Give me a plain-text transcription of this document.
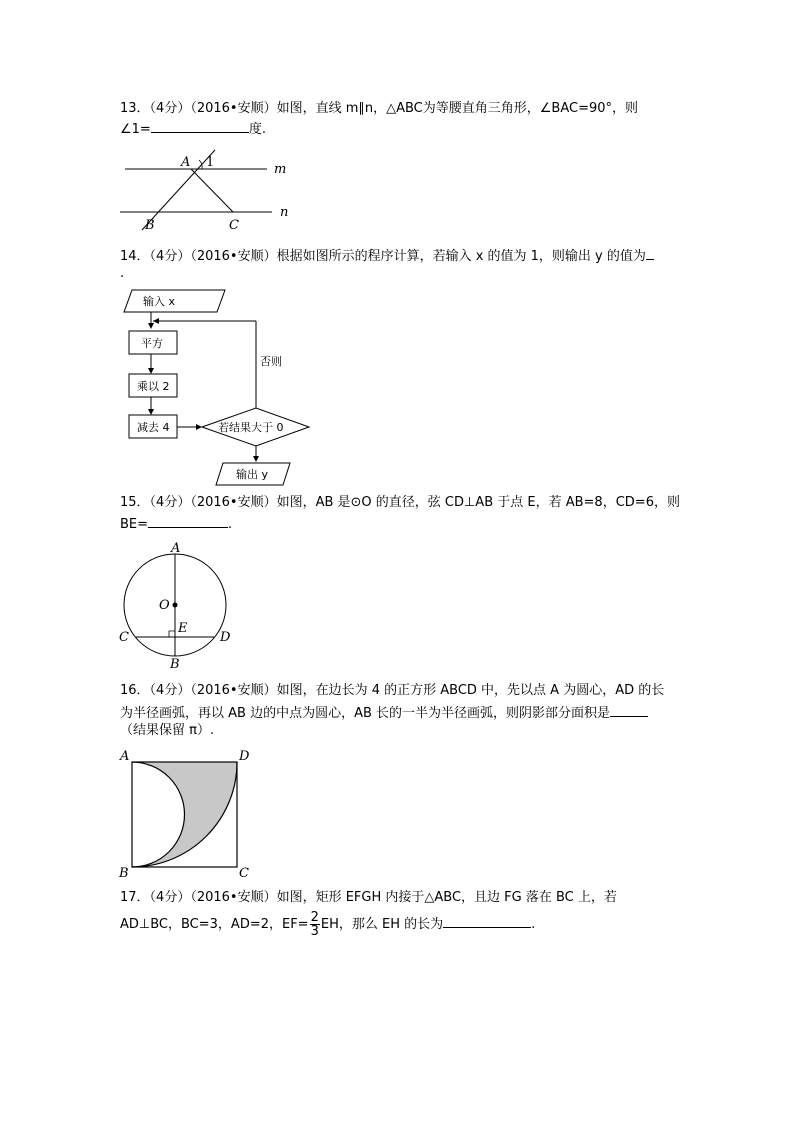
13．（4分）（2016•安顺）如图，直线 m∥n，△ABC为等腰直角三角形，∠BAC=90°，则
∠1=	度.
A 1	m
n
B	C
14．（4分）（2016•安顺）根据如图所示的程序计算，若输入 x 的值为 1，则输出 y 的值为
.
输入 x
平方
乘以 2
减去 4	若结果大于 0
否则
输出 y
15．（4分）（2016•安顺）如图，AB 是⊙O 的直径，弦 CD⊥AB 于点 E，若 AB=8，CD=6，则
BE=	.
A
O
E
C	D
B
16．（4分）（2016•安顺）如图，在边长为 4 的正方形 ABCD 中，先以点 A 为圆心，AD 的长
为半径画弧，再以 AB 边的中点为圆心，AB 长的一半为半径画弧，则阴影部分面积是
（结果保留 π）.
A	D
B	C
17．（4分）（2016•安顺）如图，矩形 EFGH 内接于△ABC，且边 FG 落在 BC 上，若
AD⊥BC，BC=3，AD=2，$EF= \frac{2}{3}$ EH，那么 EH 的长为	.
